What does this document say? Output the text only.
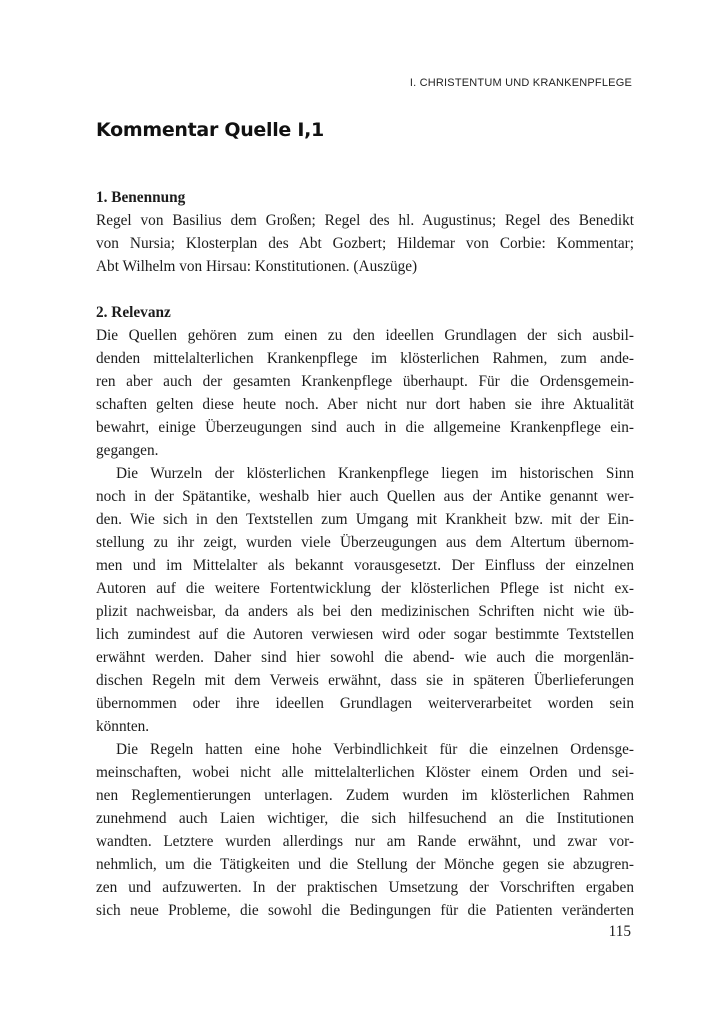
I. CHRISTENTUM UND KRANKENPFLEGE
Kommentar Quelle I,1
1. Benennung
Regel von Basilius dem Großen; Regel des hl. Augustinus; Regel des Benedikt
von Nursia; Klosterplan des Abt Gozbert; Hildemar von Corbie: Kommentar;
Abt Wilhelm von Hirsau: Konstitutionen. (Auszüge)
2. Relevanz
Die Quellen gehören zum einen zu den ideellen Grundlagen der sich ausbil-
denden mittelalterlichen Krankenpflege im klösterlichen Rahmen, zum ande-
ren aber auch der gesamten Krankenpflege überhaupt. Für die Ordensgemein-
schaften gelten diese heute noch. Aber nicht nur dort haben sie ihre Aktualität
bewahrt, einige Überzeugungen sind auch in die allgemeine Krankenpflege ein-
gegangen.
Die Wurzeln der klösterlichen Krankenpflege liegen im historischen Sinn
noch in der Spätantike, weshalb hier auch Quellen aus der Antike genannt wer-
den. Wie sich in den Textstellen zum Umgang mit Krankheit bzw. mit der Ein-
stellung zu ihr zeigt, wurden viele Überzeugungen aus dem Altertum übernom-
men und im Mittelalter als bekannt vorausgesetzt. Der Einfluss der einzelnen
Autoren auf die weitere Fortentwicklung der klösterlichen Pflege ist nicht ex-
plizit nachweisbar, da anders als bei den medizinischen Schriften nicht wie üb-
lich zumindest auf die Autoren verwiesen wird oder sogar bestimmte Textstellen
erwähnt werden. Daher sind hier sowohl die abend- wie auch die morgenlän-
dischen Regeln mit dem Verweis erwähnt, dass sie in späteren Überlieferungen
übernommen oder ihre ideellen Grundlagen weiterverarbeitet worden sein
könnten.
Die Regeln hatten eine hohe Verbindlichkeit für die einzelnen Ordensge-
meinschaften, wobei nicht alle mittelalterlichen Klöster einem Orden und sei-
nen Reglementierungen unterlagen. Zudem wurden im klösterlichen Rahmen
zunehmend auch Laien wichtiger, die sich hilfesuchend an die Institutionen
wandten. Letztere wurden allerdings nur am Rande erwähnt, und zwar vor-
nehmlich, um die Tätigkeiten und die Stellung der Mönche gegen sie abzugren-
zen und aufzuwerten. In der praktischen Umsetzung der Vorschriften ergaben
sich neue Probleme, die sowohl die Bedingungen für die Patienten veränderten
115
